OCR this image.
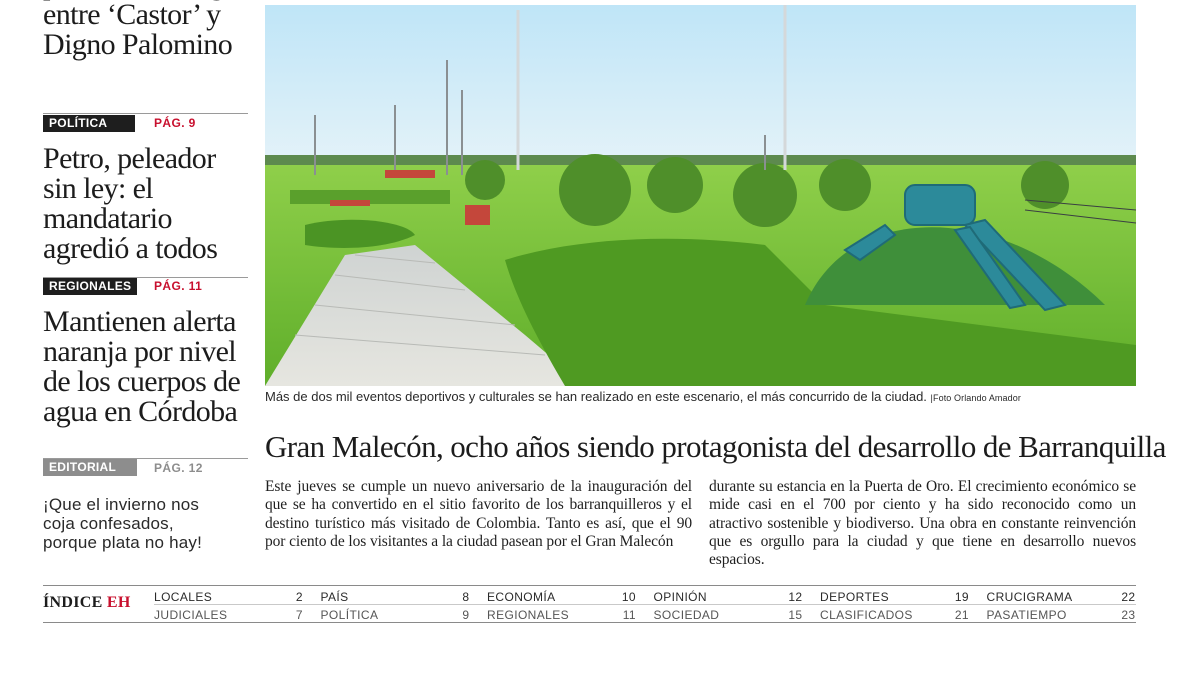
entre ‘Castor’ y Digno Palomino
POLÍTICA	PÁG. 9
Petro, peleador sin ley: el mandatario agredió a todos
REGIONALES	PÁG. 11
Mantienen alerta naranja por nivel de los cuerpos de agua en Córdoba
EDITORIAL	PÁG. 12
¡Que el invierno nos coja confesados, porque plata no hay!
Más de dos mil eventos deportivos y culturales se han realizado en este escenario, el más concurrido de la ciudad. |Foto Orlando Amador
Gran Malecón, ocho años siendo protagonista del desarrollo de Barranquilla
Este jueves se cumple un nuevo aniversario de la inauguración del que se ha convertido en el sitio favorito de los barranquilleros y el destino turístico más visitado de Colombia. Tanto es así, que el 90 por ciento de los visitantes a la ciudad pasean por el Gran Malecón
durante su estancia en la Puerta de Oro. El crecimiento económico se mide casi en el 700 por ciento y ha sido reconocido como un atractivo sostenible y biodiverso. Una obra en constante reinvención que es orgullo para la ciudad y que tiene en desarrollo nuevos espacios.
ÍNDICE EH LOCALES	2 PAÍS	8 ECONOMÍA	10 OPINIÓN	12 DEPORTES	19 CRUCIGRAMA	22
JUDICIALES	7 POLÍTICA	9 REGIONALES	11 SOCIEDAD	15 CLASIFICADOS	21 PASATIEMPO	23
